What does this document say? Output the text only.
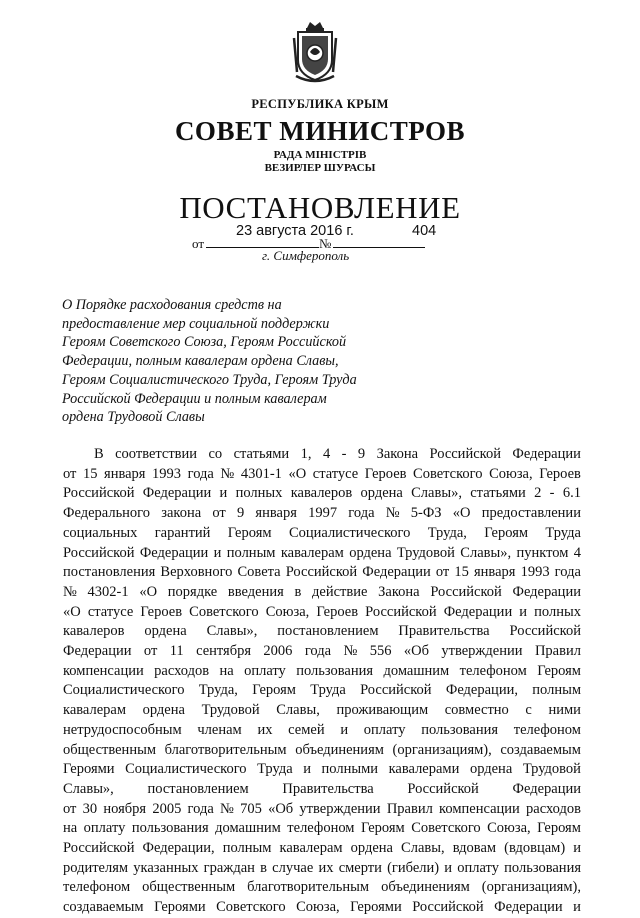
РЕСПУБЛИКА КРЫМ
СОВЕТ МИНИСТРОВ
РАДА МІНІСТРІВ
ВЕЗИРЛЕР ШУРАСЫ
ПОСТАНОВЛЕНИЕ
23 августа 2016 г.	404
от	№
г. Симферополь
О Порядке расходования средств на
предоставление мер социальной поддержки
Героям Советского Союза, Героям Российской
Федерации, полным кавалерам ордена Славы,
Героям Социалистического Труда, Героям Труда
Российской Федерации и полным кавалерам
ордена Трудовой Славы
В соответствии со статьями 1, 4 - 9 Закона Российской Федерации
от 15 января 1993 года № 4301-1 «О статусе Героев Советского Союза, Героев
Российской Федерации и полных кавалеров ордена Славы», статьями 2 - 6.1
Федерального закона от 9 января 1997 года № 5-ФЗ «О предоставлении
социальных гарантий Героям Социалистического Труда, Героям Труда
Российской Федерации и полным кавалерам ордена Трудовой Славы», пунктом 4
постановления Верховного Совета Российской Федерации от 15 января 1993 года
№ 4302-1 «О порядке введения в действие Закона Российской Федерации
«О статусе Героев Советского Союза, Героев Российской Федерации и полных
кавалеров ордена Славы», постановлением Правительства Российской
Федерации от 11 сентября 2006 года № 556 «Об утверждении Правил
компенсации расходов на оплату пользования домашним телефоном Героям
Социалистического Труда, Героям Труда Российской Федерации, полным
кавалерам ордена Трудовой Славы, проживающим совместно с ними
нетрудоспособным членам их семей и оплату пользования телефоном
общественным благотворительным объединениям (организациям), создаваемым
Героями Социалистического Труда и полными кавалерами ордена Трудовой
Славы», постановлением Правительства Российской Федерации
от 30 ноября 2005 года № 705 «Об утверждении Правил компенсации расходов
на оплату пользования домашним телефоном Героям Советского Союза, Героям
Российской Федерации, полным кавалерам ордена Славы, вдовам (вдовцам) и
родителям указанных граждан в случае их смерти (гибели) и оплату пользования
телефоном общественным благотворительным объединениям (организациям),
создаваемым Героями Советского Союза, Героями Российской Федерации и
